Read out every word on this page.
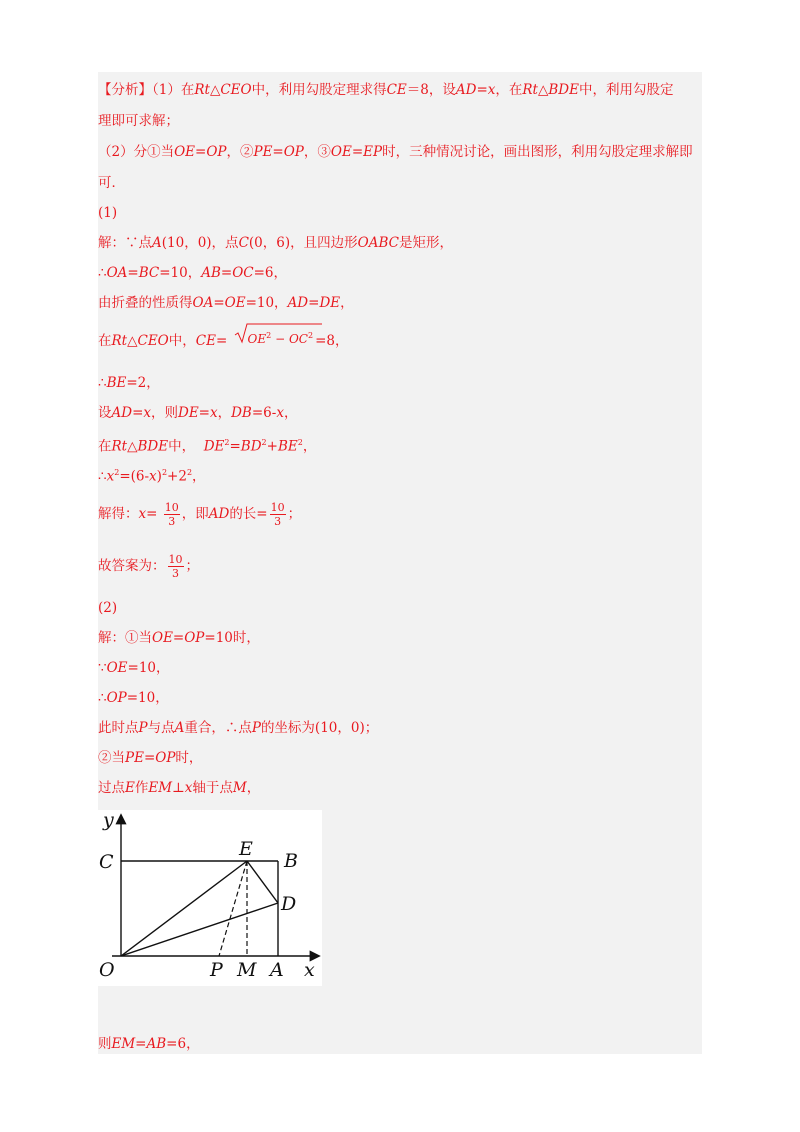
【分析】（1）在Rt△CEO中，利用勾股定理求得CE＝8，设AD=x，在Rt△BDE中，利用勾股定
理即可求解；
（2）分①当OE=OP，②PE=OP，③OE=EP时，三种情况讨论，画出图形，利用勾股定理求解即
可．
(1)
解：∵点A(10，0)，点C(0，6)，且四边形OABC是矩形，
∴OA=BC=10，AB=OC=6，
由折叠的性质得OA=OE=10，AD=DE，
在Rt△CEO中，$CE= OE^2 - OC^2 =8$，
∴BE=2，
设AD=x，则DE=x，DB=6-x，
在Rt△BDE中， $DE^2=BD^2+BE^2$，
$\therefore x^2=(6-x)^2+2^2$，
解得：$x= \frac{10}{3}$ ，即AD的长= $\frac{10}{3}$ ；
故答案为： $\frac{10}{3}$ ；
(2)
解：①当OE=OP=10时，
∵OE=10，
∴OP=10，
此时点P与点A重合，∴点P的坐标为(10，0)；
②当PE=OP时，
过点E作EM⊥x轴于点M，
y
C
E
B
D
O	P M A x
则EM=AB=6，
